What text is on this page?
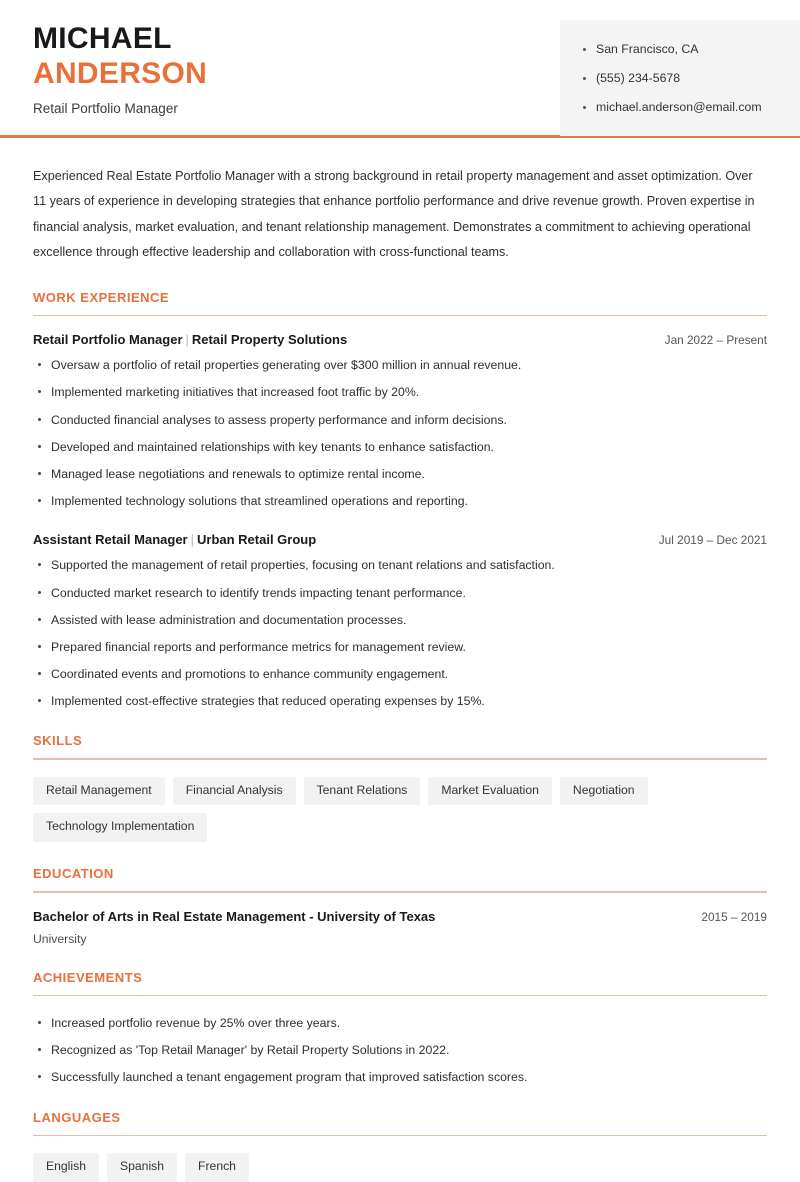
MICHAEL
ANDERSON
Retail Portfolio Manager
San Francisco, CA
(555) 234-5678
michael.anderson@email.com
Experienced Real Estate Portfolio Manager with a strong background in retail property management and asset optimization. Over 11 years of experience in developing strategies that enhance portfolio performance and drive revenue growth. Proven expertise in financial analysis, market evaluation, and tenant relationship management. Demonstrates a commitment to achieving operational excellence through effective leadership and collaboration with cross-functional teams.
WORK EXPERIENCE
Retail Portfolio Manager | Retail Property Solutions	Jan 2022 – Present
Oversaw a portfolio of retail properties generating over $300 million in annual revenue.
Implemented marketing initiatives that increased foot traffic by 20%.
Conducted financial analyses to assess property performance and inform decisions.
Developed and maintained relationships with key tenants to enhance satisfaction.
Managed lease negotiations and renewals to optimize rental income.
Implemented technology solutions that streamlined operations and reporting.
Assistant Retail Manager | Urban Retail Group	Jul 2019 – Dec 2021
Supported the management of retail properties, focusing on tenant relations and satisfaction.
Conducted market research to identify trends impacting tenant performance.
Assisted with lease administration and documentation processes.
Prepared financial reports and performance metrics for management review.
Coordinated events and promotions to enhance community engagement.
Implemented cost-effective strategies that reduced operating expenses by 15%.
SKILLS
Retail Management	Financial Analysis	Tenant Relations	Market Evaluation	Negotiation
Technology Implementation
EDUCATION
Bachelor of Arts in Real Estate Management - University of Texas	2015 – 2019
University
ACHIEVEMENTS
Increased portfolio revenue by 25% over three years.
Recognized as 'Top Retail Manager' by Retail Property Solutions in 2022.
Successfully launched a tenant engagement program that improved satisfaction scores.
LANGUAGES
English	Spanish	French
